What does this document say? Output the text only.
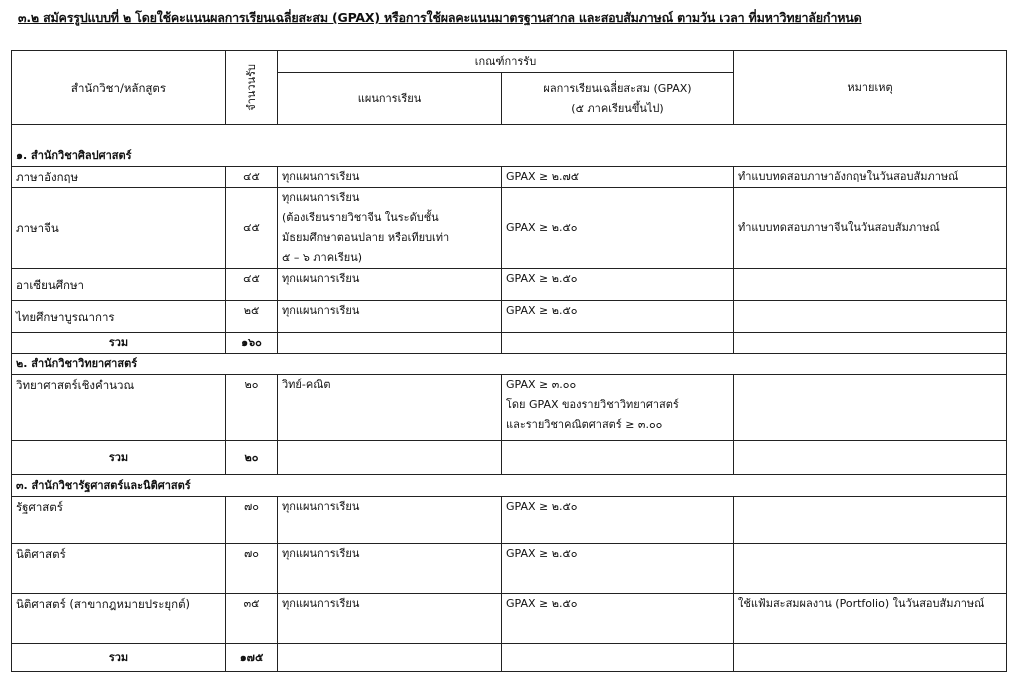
๓.๒ สมัครรูปแบบที่ ๒ โดยใช้คะแนนผลการเรียนเฉลี่ยสะสม (GPAX) หรือการใช้ผลคะแนนมาตรฐานสากล และสอบสัมภาษณ์ ตามวัน เวลา ที่มหาวิทยาลัยกำหนด
สำนักวิชา/หลักสูตร	จำนวนรับ	เกณฑ์การรับ		หมายเหตุ
		แผนการเรียน	ผลการเรียนเฉลี่ยสะสม (GPAX)
(๕ ภาคเรียนขึ้นไป)	

๑. สำนักวิชาศิลปศาสตร์				
ภาษาอังกฤษ	๔๕	ทุกแผนการเรียน	GPAX ≥ ๒.๗๕	ทำแบบทดสอบภาษาอังกฤษในวันสอบสัมภาษณ์
ภาษาจีน	๔๕	ทุกแผนการเรียน
(ต้องเรียนรายวิชาจีน ในระดับชั้น
มัธยมศึกษาตอนปลาย หรือเทียบเท่า
๕ – ๖ ภาคเรียน)	GPAX ≥ ๒.๕๐	ทำแบบทดสอบภาษาจีนในวันสอบสัมภาษณ์
อาเซียนศึกษา	๔๕	ทุกแผนการเรียน	GPAX ≥ ๒.๕๐	
ไทยศึกษาบูรณาการ	๒๕	ทุกแผนการเรียน	GPAX ≥ ๒.๕๐	
รวม	๑๖๐			
๒. สำนักวิชาวิทยาศาสตร์				
วิทยาศาสตร์เชิงคำนวณ	๒๐	วิทย์-คณิต	GPAX ≥ ๓.๐๐
โดย GPAX ของรายวิชาวิทยาศาสตร์
และรายวิชาคณิตศาสตร์ ≥ ๓.๐๐	
รวม	๒๐			
๓. สำนักวิชารัฐศาสตร์และนิติศาสตร์				
รัฐศาสตร์	๗๐	ทุกแผนการเรียน	GPAX ≥ ๒.๕๐	
นิติศาสตร์	๗๐	ทุกแผนการเรียน	GPAX ≥ ๒.๕๐	
นิติศาสตร์ (สาขากฎหมายประยุกต์)	๓๕	ทุกแผนการเรียน	GPAX ≥ ๒.๕๐	ใช้แฟ้มสะสมผลงาน (Portfolio) ในวันสอบสัมภาษณ์
รวม	๑๗๕			
